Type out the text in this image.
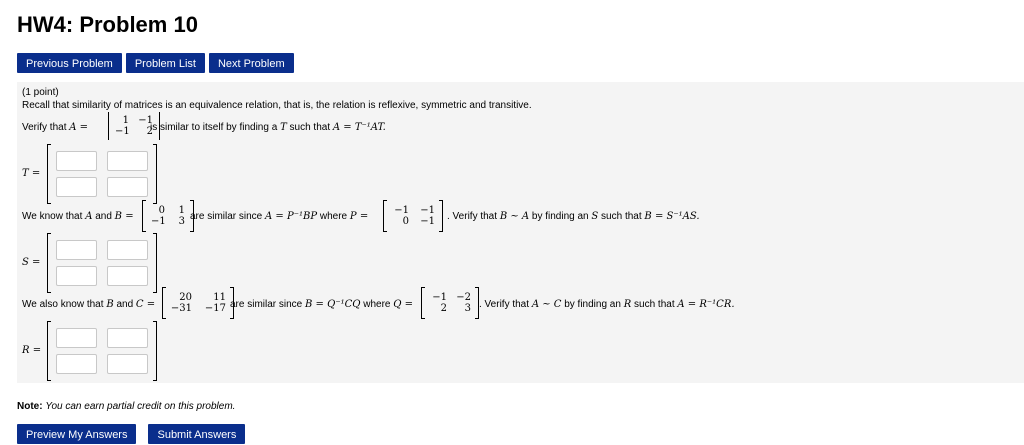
HW4: Problem 10
Previous Problem	Problem List	Next Problem
(1 point)
Recall that similarity of matrices is an equivalence relation, that is, the relation is reflexive, symmetric and transitive.
Verify that A =
1 −1
−1	2
is similar to itself by finding a T such that A = T⁻¹AT.
T =
We know that A and B =
0	1
−1	3 are similar since A = P⁻¹BP where P =
−1	−1
0	−1 . Verify that B ~ A by finding an S such that B = S⁻¹AS.
S =
We also know that B and C =
20	11
−31	−17 are similar since B = Q⁻¹CQ where Q =
−1 −2
2	3 . Verify that A ~ C by finding an R such that A = R⁻¹CR.
R =
Note: You can earn partial credit on this problem.
Preview My Answers	Submit Answers
